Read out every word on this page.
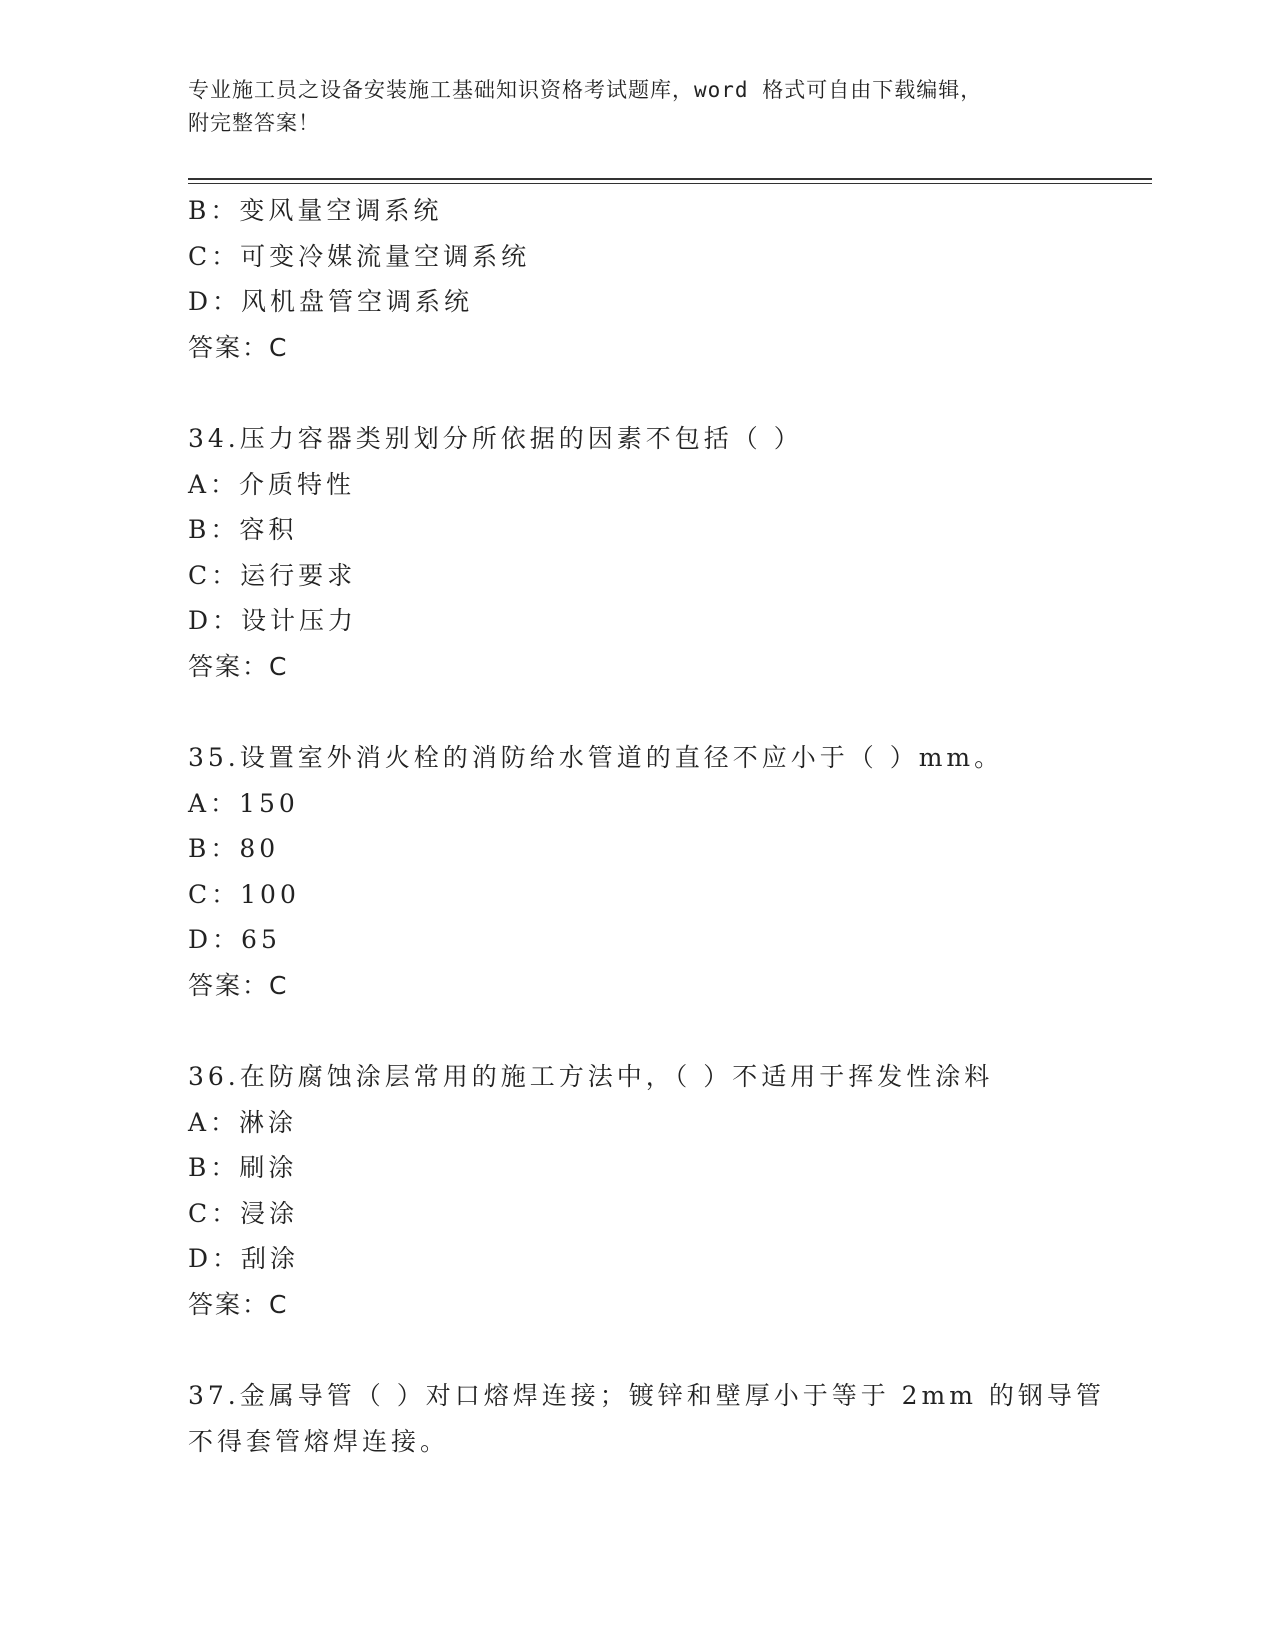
专业施工员之设备安装施工基础知识资格考试题库，word 格式可自由下载编辑，
附完整答案！
B：变风量空调系统
C：可变冷媒流量空调系统
D：风机盘管空调系统
答案：C
34.压力容器类别划分所依据的因素不包括（ ）
A：介质特性
B：容积
C：运行要求
D：设计压力
答案：C
35.设置室外消火栓的消防给水管道的直径不应小于（ ）mm。
A：150
B：80
C：100
D：65
答案：C
36.在防腐蚀涂层常用的施工方法中，（ ）不适用于挥发性涂料
A：淋涂
B：刷涂
C：浸涂
D：刮涂
答案：C
37.金属导管（ ）对口熔焊连接；镀锌和壁厚小于等于 2mm 的钢导管
不得套管熔焊连接。
